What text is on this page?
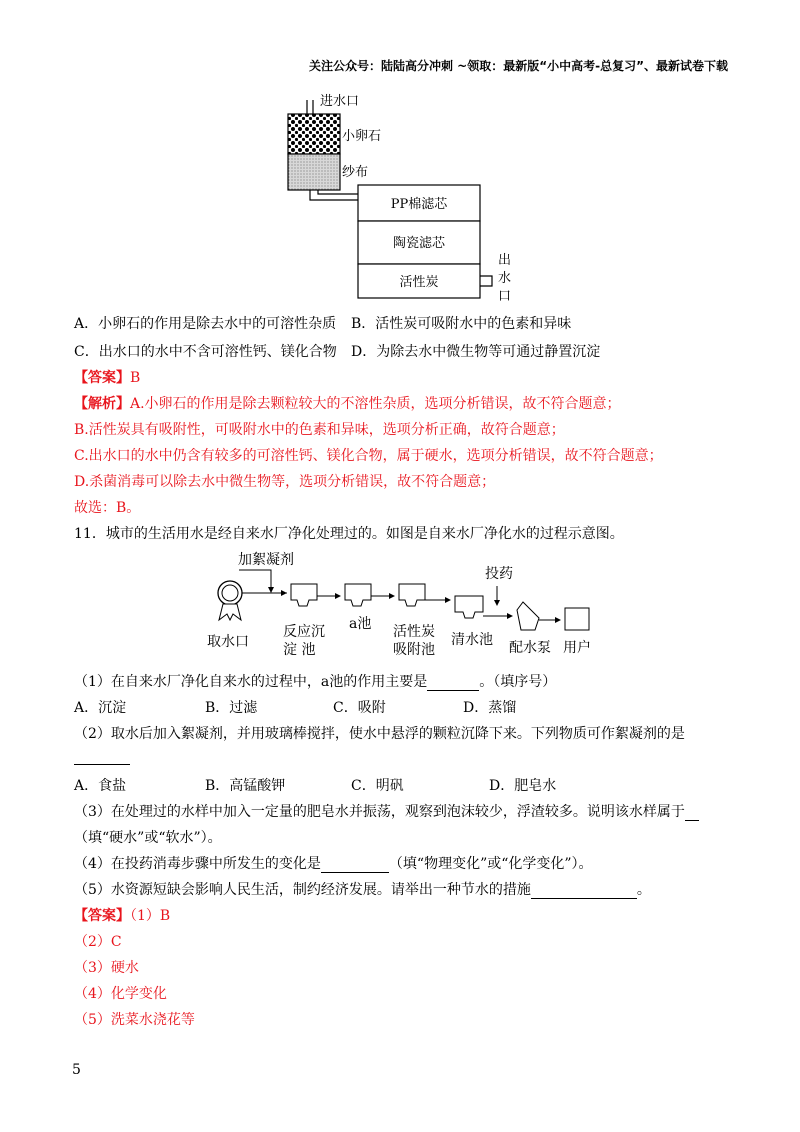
关注公众号：陆陆高分冲刺 ~领取：最新版“小中高考-总复习”、最新试卷下载
进水口
小卵石
纱布
PP棉滤芯
陶瓷滤芯
活性炭
出
水
口
A．小卵石的作用是除去水中的可溶性杂质 B．活性炭可吸附水中的色素和异味
C．出水口的水中不含可溶性钙、镁化合物 D．为除去水中微生物等可通过静置沉淀
【答案】B
【解析】A.小卵石的作用是除去颗粒较大的不溶性杂质，选项分析错误，故不符合题意；
B.活性炭具有吸附性，可吸附水中的色素和异味，选项分析正确，故符合题意；
C.出水口的水中仍含有较多的可溶性钙、镁化合物，属于硬水，选项分析错误，故不符合题意；
D.杀菌消毒可以除去水中微生物等，选项分析错误，故不符合题意；
故选：B。
11．城市的生活用水是经自来水厂净化处理过的。如图是自来水厂净化水的过程示意图。
加絮凝剂
投药
取水口
反应沉
淀 池
a池 活性炭
吸附池
清水池 配水泵 用户
（1）在自来水厂净化自来水的过程中，a池的作用主要是	。（填序号）
A．沉淀	B．过滤	C．吸附	D．蒸馏
（2）取水后加入絮凝剂，并用玻璃棒搅拌，使水中悬浮的颗粒沉降下来。下列物质可作絮凝剂的是
A．食盐	B．高锰酸钾	C．明矾	D．肥皂水
（3）在处理过的水样中加入一定量的肥皂水并振荡，观察到泡沫较少，浮渣较多。说明该水样属于
（填“硬水”或“软水”）。
（4）在投药消毒步骤中所发生的变化是	（填“物理变化”或“化学变化”）。
（5）水资源短缺会影响人民生活，制约经济发展。请举出一种节水的措施	。
【答案】（1）B
（2）C
（3）硬水
（4）化学变化
（5）洗菜水浇花等
5
